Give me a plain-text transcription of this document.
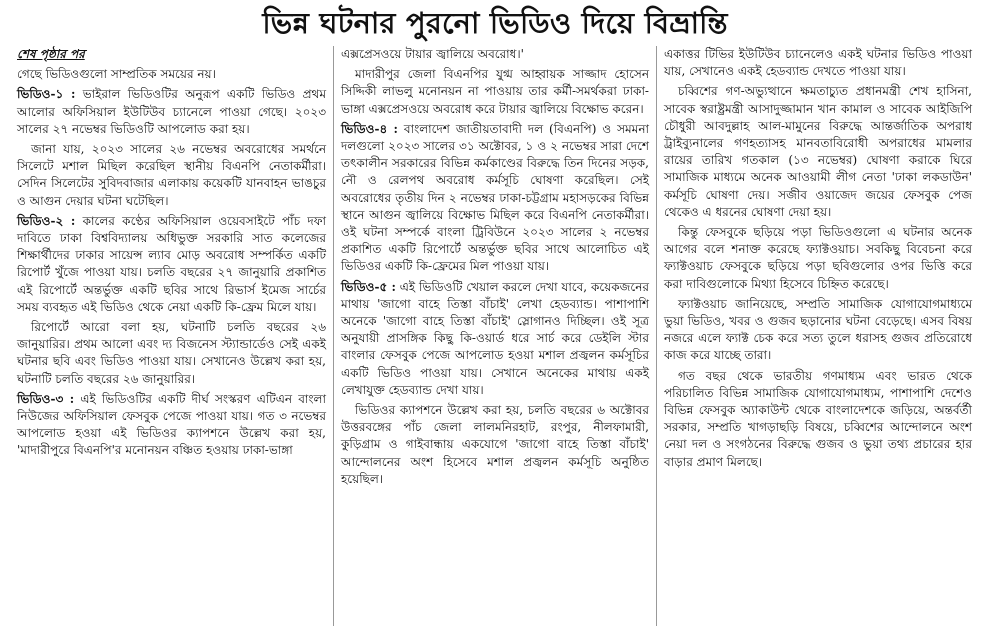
ভিন্ন ঘটনার পুরনো ভিডিও দিয়ে বিভ্রান্তি

শেষ পৃষ্ঠার পর

গেছে ভিডিওগুলো সাম্প্রতিক সময়ের নয়।

ভিডিও-১ : ভাইরাল ভিডিওটির অনুরূপ একটি ভিডিও প্রথম আলোর অফিসিয়াল ইউটিউব চ্যানেলে পাওয়া গেছে। ২০২৩ সালের ২৭ নভেম্বর ভিডিওটি আপলোড করা হয়।

জানা যায়, ২০২৩ সালের ২৬ নভেম্বর অবরোধের সমর্থনে সিলেটে মশাল মিছিল করেছিল স্থানীয় বিএনপি নেতাকর্মীরা। সেদিন সিলেটের সুবিদবাজার এলাকায় কয়েকটি যানবাহন ভাঙচুর ও আগুন দেয়ার ঘটনা ঘটেছিল।

ভিডিও-২ : কালের কণ্ঠের অফিসিয়াল ওয়েবসাইটে পাঁচ দফা দাবিতে ঢাকা বিশ্ববিদ্যালয় অধিভুক্ত সরকারি সাত কলেজের শিক্ষার্থীদের ঢাকার সায়েন্স ল্যাব মোড় অবরোধ সম্পর্কিত একটি রিপোর্ট খুঁজে পাওয়া যায়। চলতি বছরের ২৭ জানুয়ারি প্রকাশিত এই রিপোর্টে অন্তর্ভুক্ত একটি ছবির সাথে রিভার্স ইমেজ সার্চের সময় ব্যবহৃত এই ভিডিও থেকে নেয়া একটি কি-ফ্রেম মিলে যায়।

রিপোর্টে আরো বলা হয়, ঘটনাটি চলতি বছরের ২৬ জানুয়ারির। প্রথম আলো এবং দ্য বিজনেস স্ট্যান্ডার্ডেও সেই একই ঘটনার ছবি এবং ভিডিও পাওয়া যায়। সেখানেও উল্লেখ করা হয়, ঘটনাটি চলতি বছরের ২৬ জানুয়ারির।

ভিডিও-৩ : এই ভিডিওটির একটি দীর্ঘ সংস্করণ এটিএন বাংলা নিউজের অফিসিয়াল ফেসবুক পেজে পাওয়া যায়। গত ৩ নভেম্বর আপলোড হওয়া এই ভিডিওর ক্যাপশনে উল্লেখ করা হয়, 'মাদারীপুরে বিএনপি'র মনোনয়ন বঞ্চিত হওয়ায় ঢাকা-ভাঙ্গা

এক্সপ্রেসওয়ে টায়ার জ্বালিয়ে অবরোধ।'

মাদারীপুর জেলা বিএনপির যুগ্ম আহ্বায়ক সাজ্জাদ হোসেন সিদ্দিকী লাভলু মনোনয়ন না পাওয়ায় তার কর্মী-সমর্থকরা ঢাকা-ভাঙ্গা এক্সপ্রেসওয়ে অবরোধ করে টায়ার জ্বালিয়ে বিক্ষোভ করেন।

ভিডিও-৪ : বাংলাদেশ জাতীয়তাবাদী দল (বিএনপি) ও সমমনা দলগুলো ২০২৩ সালের ৩১ অক্টোবর, ১ ও ২ নভেম্বর সারা দেশে তৎকালীন সরকারের বিভিন্ন কর্মকাণ্ডের বিরুদ্ধে তিন দিনের সড়ক, নৌ ও রেলপথ অবরোধ কর্মসূচি ঘোষণা করেছিল। সেই অবরোধের তৃতীয় দিন ২ নভেম্বর ঢাকা-চট্টগ্রাম মহাসড়কের বিভিন্ন স্থানে আগুন জ্বালিয়ে বিক্ষোভ মিছিল করে বিএনপি নেতাকর্মীরা। ওই ঘটনা সম্পর্কে বাংলা ট্রিবিউনে ২০২৩ সালের ২ নভেম্বর প্রকাশিত একটি রিপোর্টে অন্তর্ভুক্ত ছবির সাথে আলোচিত এই ভিডিওর একটি কি-ফ্রেমের মিল পাওয়া যায়।

ভিডিও-৫ : এই ভিডিওটি খেয়াল করলে দেখা যাবে, কয়েকজনের মাথায় 'জাগো বাহে তিস্তা বাঁচাই' লেখা হেডব্যান্ড। পাশাপাশি অনেকে 'জাগো বাহে তিস্তা বাঁচাই' স্লোগানও দিচ্ছিল। ওই সূত্র অনুযায়ী প্রাসঙ্গিক কিছু কি-ওয়ার্ড ধরে সার্চ করে ডেইলি স্টার বাংলার ফেসবুক পেজে আপলোড হওয়া মশাল প্রজ্বলন কর্মসূচির একটি ভিডিও পাওয়া যায়। সেখানে অনেকের মাথায় একই লেখাযুক্ত হেডব্যান্ড দেখা যায়।

ভিডিওর ক্যাপশনে উল্লেখ করা হয়, চলতি বছরের ৬ অক্টোবর উত্তরবঙ্গের পাঁচ জেলা লালমনিরহাট, রংপুর, নীলফামারী, কুড়িগ্রাম ও গাইবান্ধায় একযোগে 'জাগো বাহে তিস্তা বাঁচাই' আন্দোলনের অংশ হিসেবে মশাল প্রজ্বলন কর্মসূচি অনুষ্ঠিত হয়েছিল।

একাত্তর টিভির ইউটিউব চ্যানেলেও একই ঘটনার ভিডিও পাওয়া যায়, সেখানেও একই হেডব্যান্ড দেখতে পাওয়া যায়।

চব্বিশের গণ-অভ্যুত্থানে ক্ষমতাচ্যুত প্রধানমন্ত্রী শেখ হাসিনা, সাবেক স্বরাষ্ট্রমন্ত্রী আসাদুজ্জামান খান কামাল ও সাবেক আইজিপি চৌধুরী আবদুল্লাহ আল-মামুনের বিরুদ্ধে আন্তর্জাতিক অপরাধ ট্রাইব্যুনালের গণহত্যাসহ মানবতাবিরোধী অপরাধের মামলার রায়ের তারিখ গতকাল (১৩ নভেম্বর) ঘোষণা করাকে ঘিরে সামাজিক মাধ্যমে অনেক আওয়ামী লীগ নেতা 'ঢাকা লকডাউন' কর্মসূচি ঘোষণা দেয়। সজীব ওয়াজেদ জয়ের ফেসবুক পেজ থেকেও এ ধরনের ঘোষণা দেয়া হয়।

কিন্তু ফেসবুকে ছড়িয়ে পড়া ভিডিওগুলো এ ঘটনার অনেক আগের বলে শনাক্ত করেছে ফ্যাক্টওয়াচ। সবকিছু বিবেচনা করে ফ্যাক্টওয়াচ ফেসবুকে ছড়িয়ে পড়া ছবিগুলোর ওপর ভিত্তি করে করা দাবিগুলোকে মিথ্যা হিসেবে চিহ্নিত করেছে।

ফ্যাক্টওয়াচ জানিয়েছে, সম্প্রতি সামাজিক যোগাযোগমাধ্যমে ভুয়া ভিডিও, খবর ও গুজব ছড়ানোর ঘটনা বেড়েছে। এসব বিষয় নজরে এলে ফ্যাক্ট চেক করে সত্য তুলে ধরাসহ গুজব প্রতিরোধে কাজ করে যাচ্ছে তারা।

গত বছর থেকে ভারতীয় গণমাধ্যম এবং ভারত থেকে পরিচালিত বিভিন্ন সামাজিক যোগাযোগমাধ্যম, পাশাপাশি দেশেও বিভিন্ন ফেসবুক অ্যাকাউন্ট থেকে বাংলাদেশকে জড়িয়ে, অন্তর্বর্তী সরকার, সম্প্রতি খাগড়াছড়ি বিষয়ে, চব্বিশের আন্দোলনে অংশ নেয়া দল ও সংগঠনের বিরুদ্ধে গুজব ও ভুয়া তথ্য প্রচারের হার বাড়ার প্রমাণ মিলছে।
